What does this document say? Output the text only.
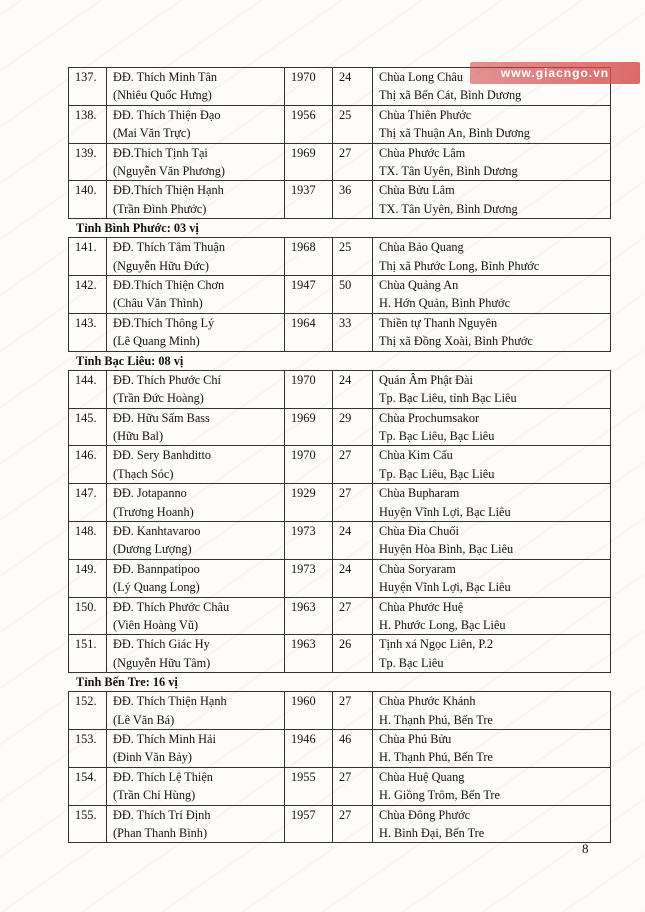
137.	ĐĐ. Thích Minh Tân
(Nhiêu Quốc Hưng)	1970	24	Chùa Long Châu
Thị xã Bến Cát, Bình Dương

138.	ĐĐ. Thích Thiện Đạo
(Mai Văn Trực)	1956	25	Chùa Thiên Phước
Thị xã Thuận An, Bình Dương

139.	ĐĐ.Thích Tịnh Tại
(Nguyễn Văn Phương)	1969	27	Chùa Phước Lâm
TX. Tân Uyên, Bình Dương

140.	ĐĐ.Thích Thiện Hạnh
(Trần Đình Phước)	1937	36	Chùa Bửu Lâm
TX. Tân Uyên, Bình Dương
Tỉnh Bình Phước: 03 vị
141.	ĐĐ. Thích Tâm Thuận
(Nguyễn Hữu Đức)	1968	25	Chùa Bảo Quang
Thị xã Phước Long, Bình Phước

142.	ĐĐ.Thích Thiện Chơn
(Châu Văn Thình)	1947	50	Chùa Quảng An
H. Hớn Quản, Bình Phước

143.	ĐĐ.Thích Thông Lý
(Lê Quang Minh)	1964	33	Thiền tự Thanh Nguyên
Thị xã Đồng Xoài, Bình Phước
Tỉnh Bạc Liêu: 08 vị
144.	ĐĐ. Thích Phước Chí
(Trần Đức Hoàng)	1970	24	Quán Âm Phật Đài
Tp. Bạc Liêu, tỉnh Bạc Liêu

145.	ĐĐ. Hữu Sấm Bass
(Hữu Bal)	1969	29	Chùa Prochumsakor
Tp. Bạc Liêu, Bạc Liêu

146.	ĐĐ. Sery Banhditto
(Thạch Sóc)	1970	27	Chùa Kim Cấu
Tp. Bạc Liêu, Bạc Liêu

147.	ĐĐ. Jotapanno
(Trương Hoanh)	1929	27	Chùa Bupharam
Huyện Vĩnh Lợi, Bạc Liêu

148.	ĐĐ. Kanhtavaroo
(Dương Lượng)	1973	24	Chùa Đìa Chuối
Huyện Hòa Bình, Bạc Liêu

149.	ĐĐ. Bannpatipoo
(Lý Quang Long)	1973	24	Chùa Soryaram
Huyện Vĩnh Lợi, Bạc Liêu

150.	ĐĐ. Thích Phước Châu
(Viên Hoàng Vũ)	1963	27	Chùa Phước Huệ
H. Phước Long, Bạc Liêu

151.	ĐĐ. Thích Giác Hy
(Nguyễn Hữu Tâm)	1963	26	Tịnh xá Ngọc Liên, P.2
Tp. Bạc Liêu
Tỉnh Bến Tre: 16 vị
152.	ĐĐ. Thích Thiện Hạnh
(Lê Văn Bá)	1960	27	Chùa Phước Khánh
H. Thạnh Phú, Bến Tre

153.	ĐĐ. Thích Minh Hải
(Đinh Văn Bảy)	1946	46	Chùa Phú Bửu
H. Thạnh Phú, Bến Tre

154.	ĐĐ. Thích Lệ Thiện
(Trần Chí Hùng)	1955	27	Chùa Huệ Quang
H. Giồng Trôm, Bến Tre

155.	ĐĐ. Thích Trí Định
(Phan Thanh Bình)	1957	27	Chùa Đông Phước
H. Bình Đại, Bến Tre
www.giacngo.vn
8
